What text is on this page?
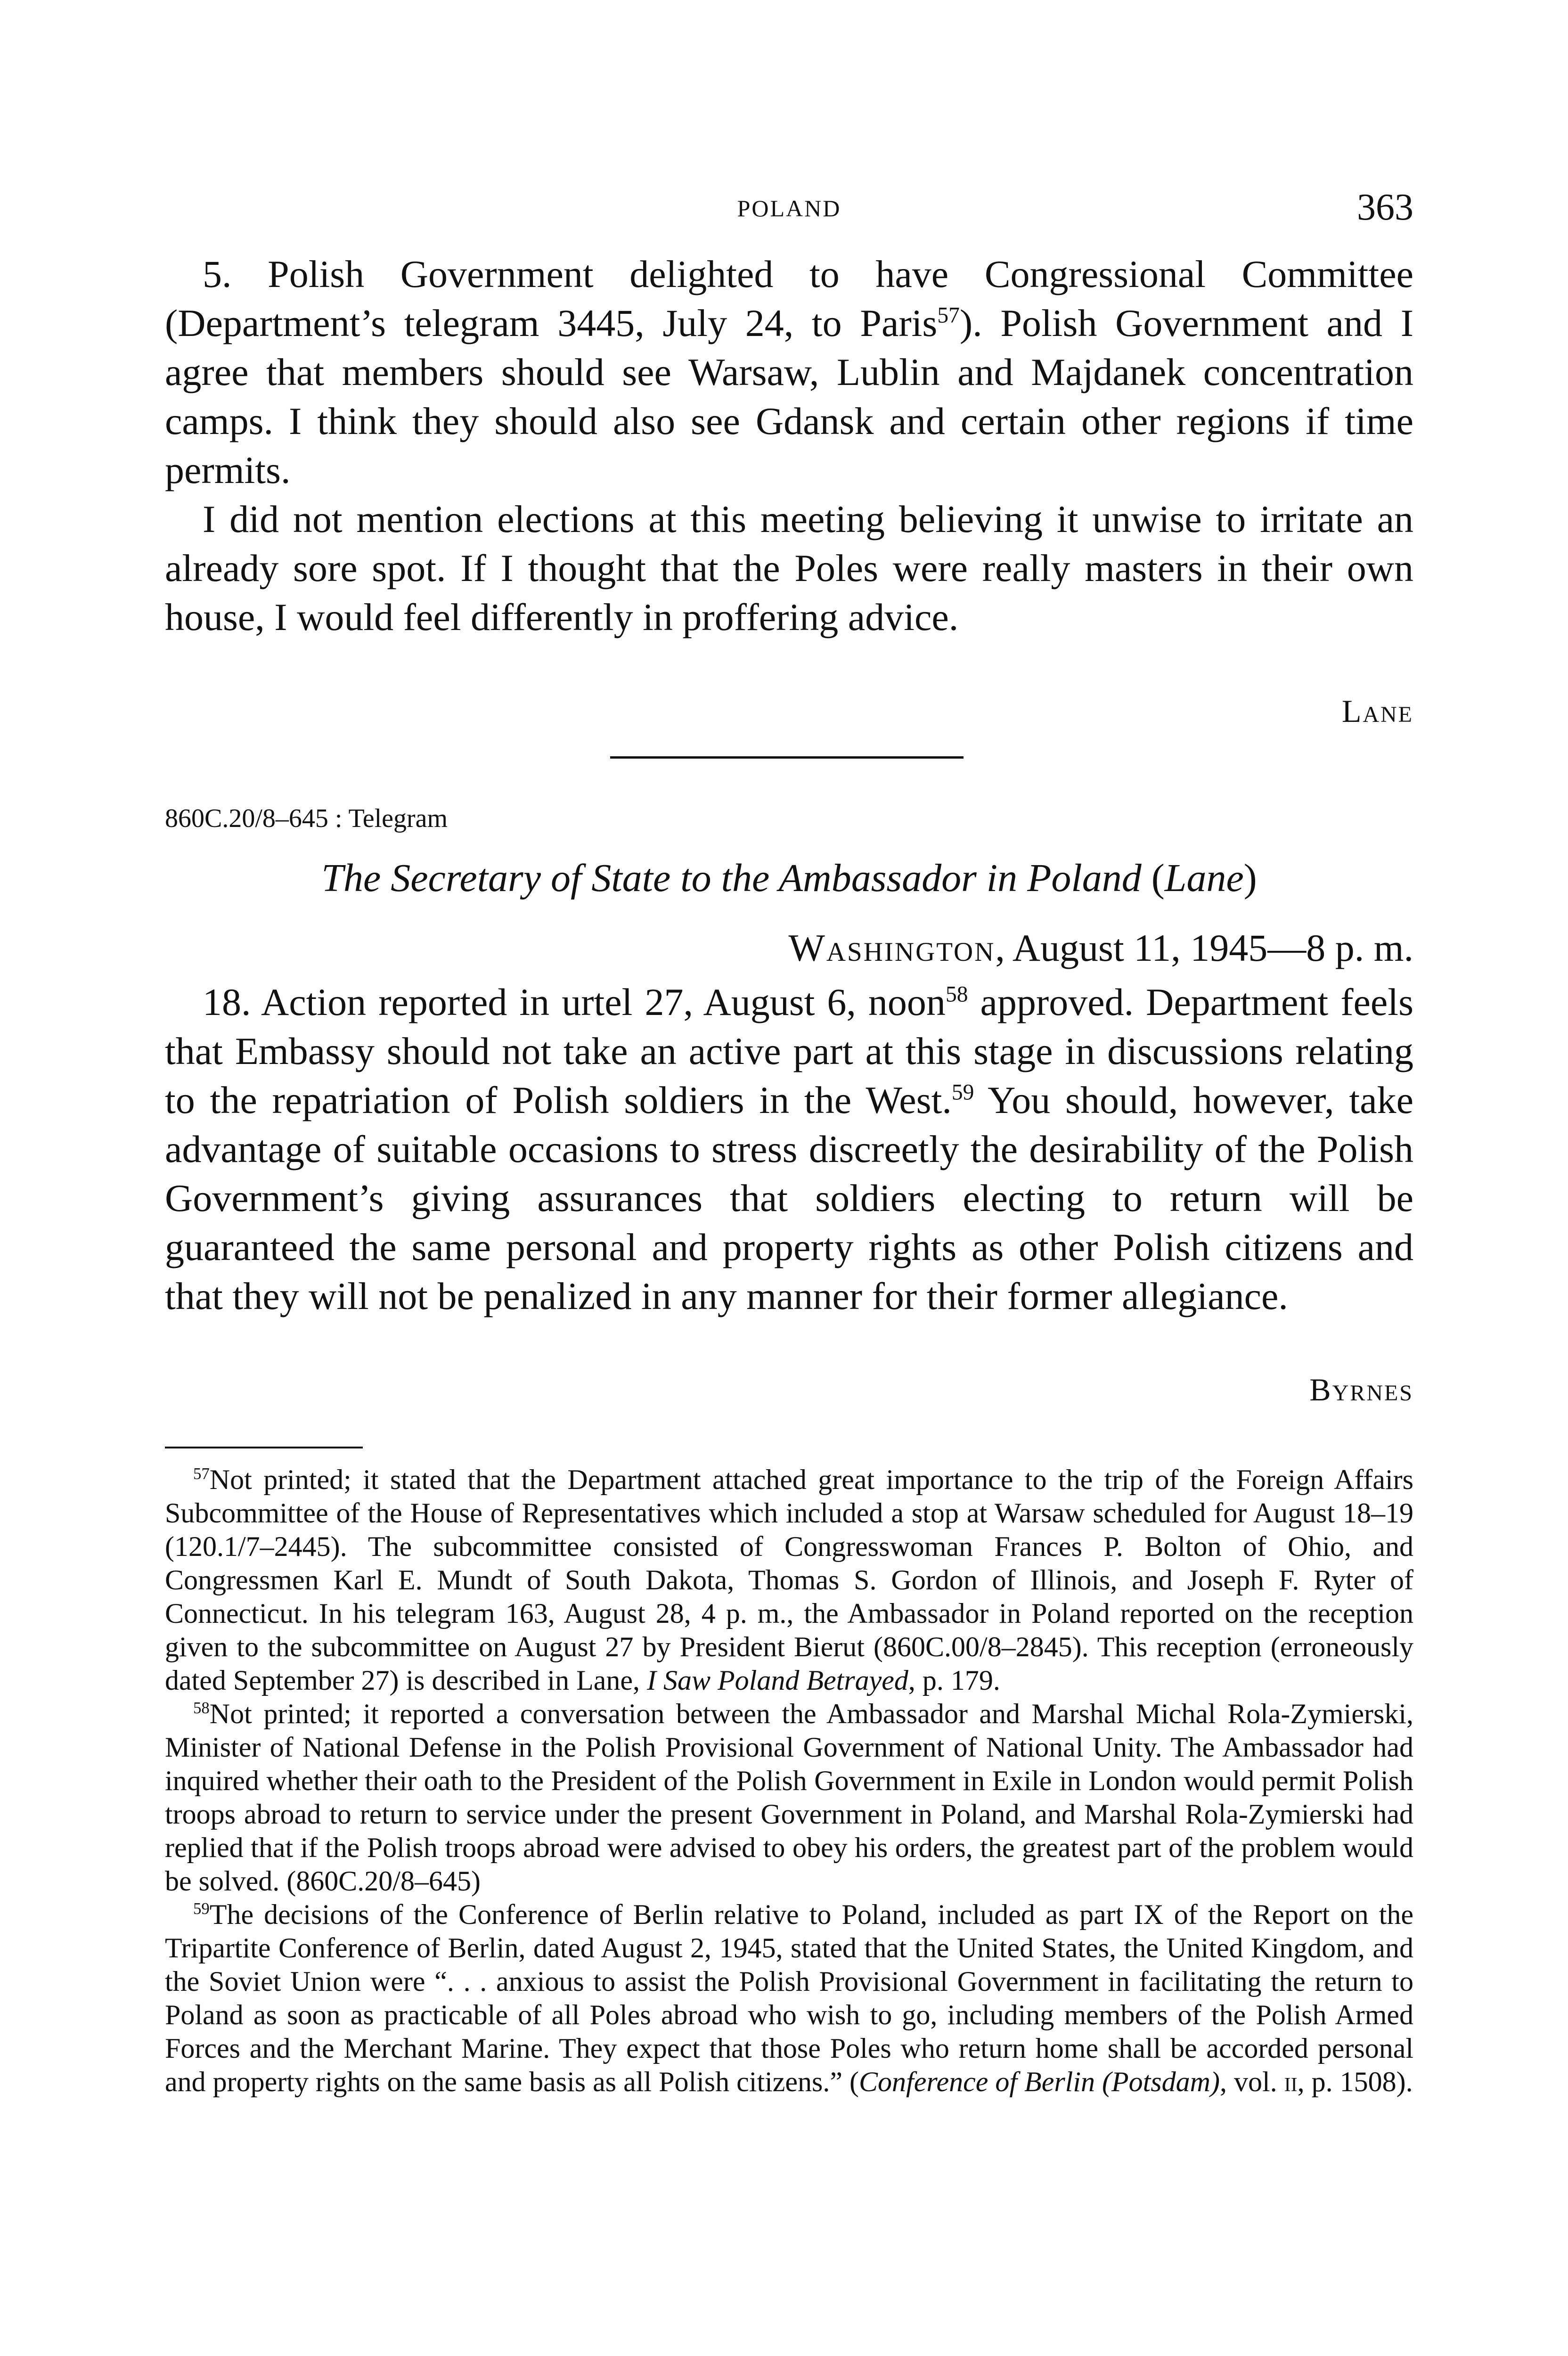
POLAND	363

5. Polish Government delighted to have Congressional Committee (Department’s telegram 3445, July 24, to Paris$^{57}$). Polish Government and I agree that members should see Warsaw, Lublin and Majdanek concentration camps. I think they should also see Gdansk and certain other regions if time permits.

I did not mention elections at this meeting believing it unwise to irritate an already sore spot. If I thought that the Poles were really masters in their own house, I would feel differently in proffering advice.

Lane
860C.20/8–645 : Telegram
The Secretary of State to the Ambassador in Poland (Lane)
Washington, August 11, 1945—8 p. m.

18. Action reported in urtel 27, August 6, noon$^{58}$ approved. Department feels that Embassy should not take an active part at this stage in discussions relating to the repatriation of Polish soldiers in the West.$^{59}$ You should, however, take advantage of suitable occasions to stress discreetly the desirability of the Polish Government’s giving assurances that soldiers electing to return will be guaranteed the same personal and property rights as other Polish citizens and that they will not be penalized in any manner for their former allegiance.

Byrnes

$^{57}$Not printed; it stated that the Department attached great importance to the trip of the Foreign Affairs Subcommittee of the House of Representatives which included a stop at Warsaw scheduled for August 18–19 (120.1/7–2445). The subcommittee consisted of Congresswoman Frances P. Bolton of Ohio, and Congressmen Karl E. Mundt of South Dakota, Thomas S. Gordon of Illinois, and Joseph F. Ryter of Connecticut. In his telegram 163, August 28, 4 p. m., the Ambassador in Poland reported on the reception given to the subcommittee on August 27 by President Bierut (860C.00/8–2845). This reception (erroneously dated September 27) is described in Lane, I Saw Poland Betrayed, p. 179.

$^{58}$Not printed; it reported a conversation between the Ambassador and Marshal Michal Rola-Zymierski, Minister of National Defense in the Polish Provisional Government of National Unity. The Ambassador had inquired whether their oath to the President of the Polish Government in Exile in London would permit Polish troops abroad to return to service under the present Government in Poland, and Marshal Rola-Zymierski had replied that if the Polish troops abroad were advised to obey his orders, the greatest part of the problem would be solved. (860C.20/8–645)

$^{59}$The decisions of the Conference of Berlin relative to Poland, included as part IX of the Report on the Tripartite Conference of Berlin, dated August 2, 1945, stated that the United States, the United Kingdom, and the Soviet Union were “. . . anxious to assist the Polish Provisional Government in facilitating the return to Poland as soon as practicable of all Poles abroad who wish to go, including members of the Polish Armed Forces and the Merchant Marine. They expect that those Poles who return home shall be accorded personal and property rights on the same basis as all Polish citizens.” (Conference of Berlin (Potsdam), vol. ii, p. 1508).
